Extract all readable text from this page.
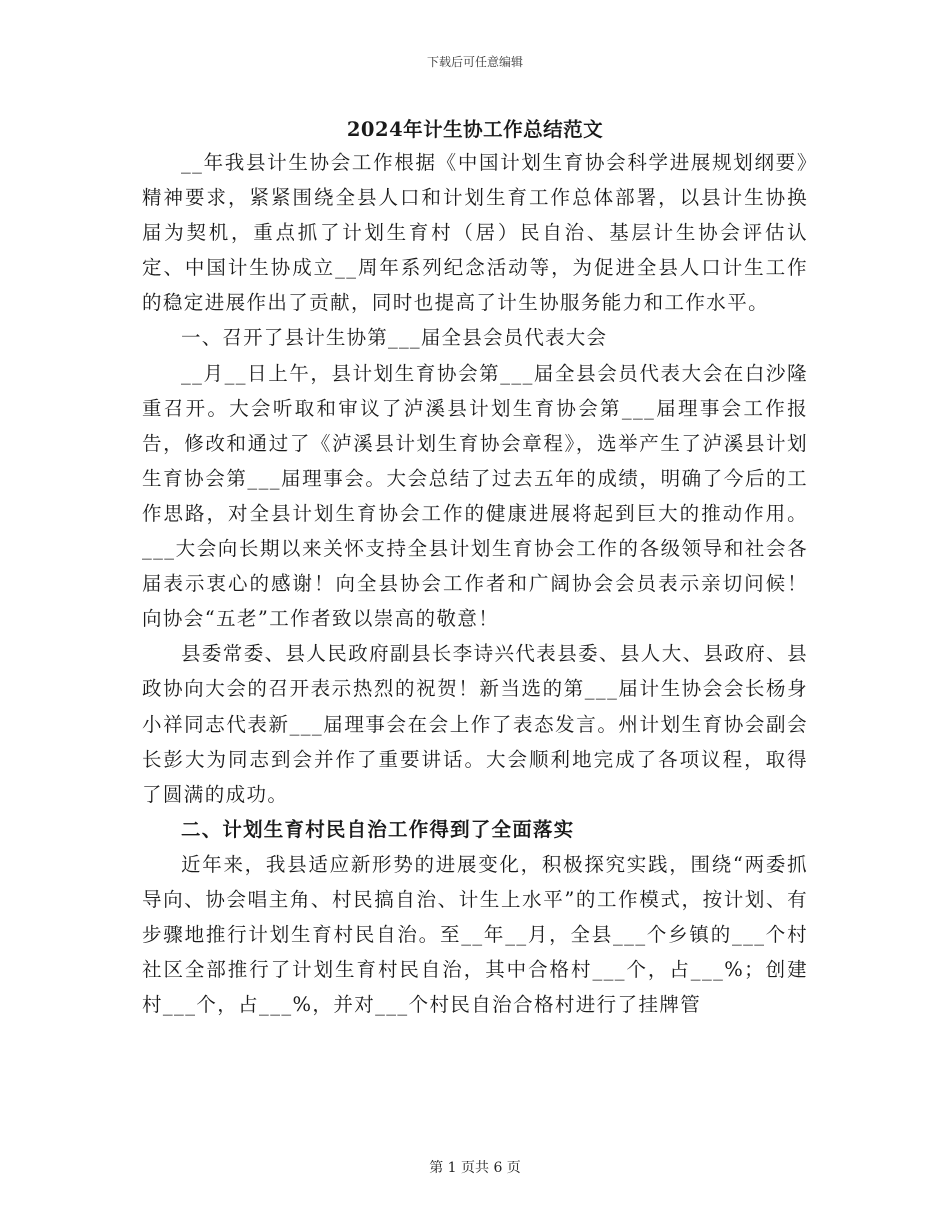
下载后可任意编辑
2024年计生协工作总结范文

__年我县计生协会工作根据《中国计划生育协会科学进展规划纲要》精神要求，紧紧围绕全县人口和计划生育工作总体部署，以县计生协换届为契机，重点抓了计划生育村（居）民自治、基层计生协会评估认定、中国计生协成立__周年系列纪念活动等，为促进全县人口计生工作的稳定进展作出了贡献，同时也提高了计生协服务能力和工作水平。

一、召开了县计生协第___届全县会员代表大会

__月__日上午，县计划生育协会第___届全县会员代表大会在白沙隆重召开。大会听取和审议了泸溪县计划生育协会第___届理事会工作报告，修改和通过了《泸溪县计划生育协会章程》，选举产生了泸溪县计划生育协会第___届理事会。大会总结了过去五年的成绩，明确了今后的工作思路，对全县计划生育协会工作的健康进展将起到巨大的推动作用。___大会向长期以来关怀支持全县计划生育协会工作的各级领导和社会各届表示衷心的感谢！向全县协会工作者和广阔协会会员表示亲切问候！向协会“五老”工作者致以崇高的敬意！

县委常委、县人民政府副县长李诗兴代表县委、县人大、县政府、县政协向大会的召开表示热烈的祝贺！新当选的第___届计生协会会长杨身小祥同志代表新___届理事会在会上作了表态发言。州计划生育协会副会长彭大为同志到会并作了重要讲话。大会顺利地完成了各项议程，取得了圆满的成功。

二、计划生育村民自治工作得到了全面落实

近年来，我县适应新形势的进展变化，积极探究实践，围绕“两委抓导向、协会唱主角、村民搞自治、计生上水平”的工作模式，按计划、有步骤地推行计划生育村民自治。至__年__月，全县___个乡镇的___个村社区全部推行了计划生育村民自治，其中合格村___个，占___%；创建村___个，占___%，并对___个村民自治合格村进行了挂牌管

第 1 页共 6 页
